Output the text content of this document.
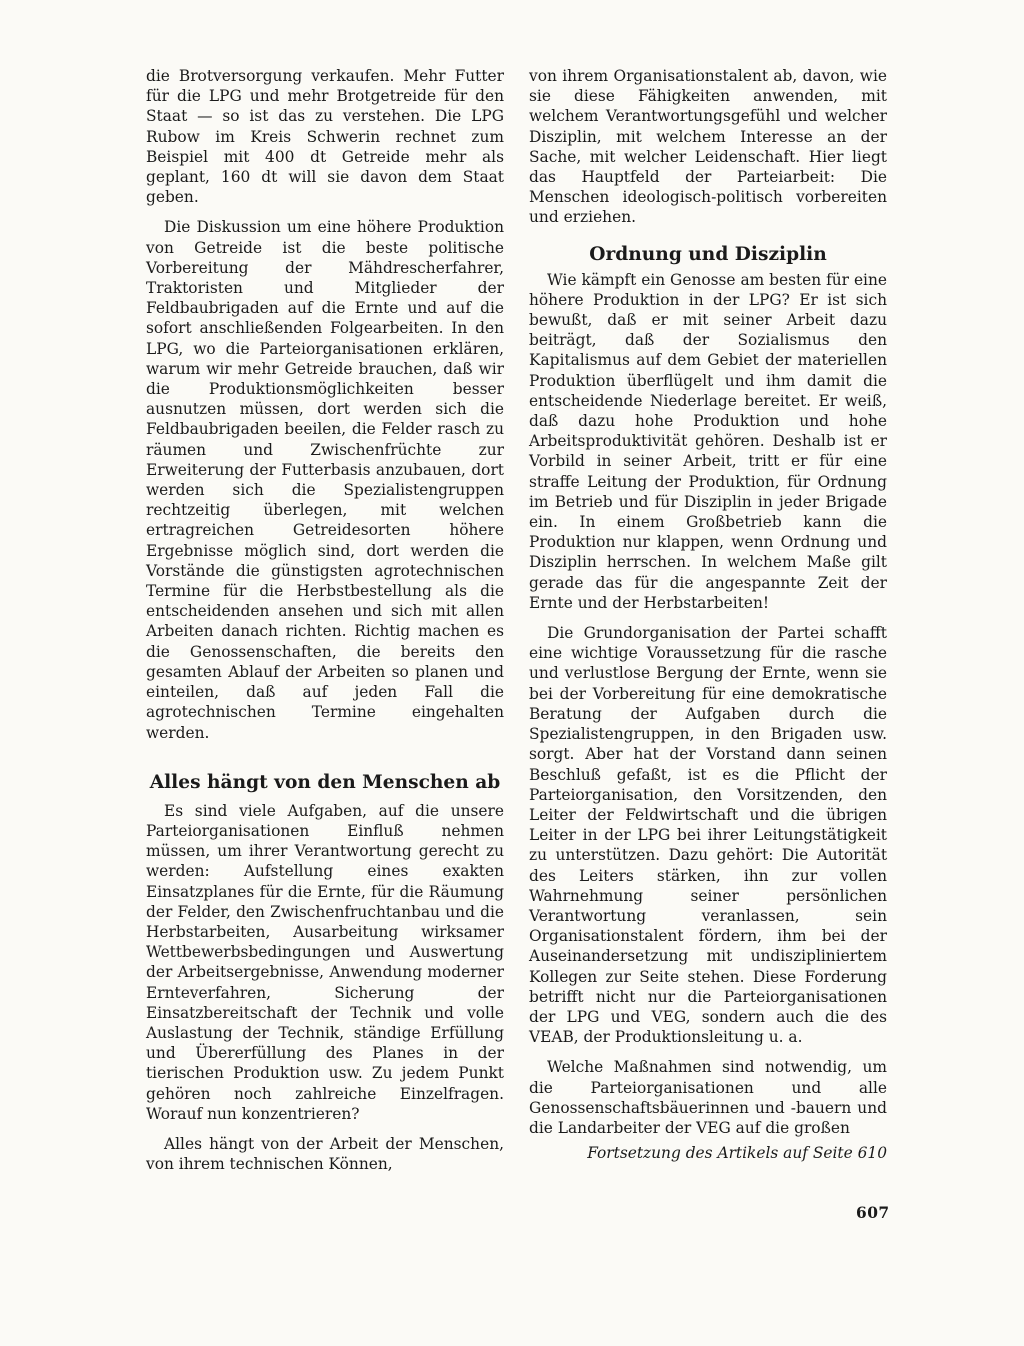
die Brotversorgung verkaufen. Mehr Futter für die LPG und mehr Brotgetreide für den Staat — so ist das zu verstehen. Die LPG Rubow im Kreis Schwerin rechnet zum Beispiel mit 400 dt Getreide mehr als geplant, 160 dt will sie davon dem Staat geben.

Die Diskussion um eine höhere Produktion von Getreide ist die beste politische Vorbereitung der Mähdrescherfahrer, Traktoristen und Mitglieder der Feldbaubrigaden auf die Ernte und auf die sofort anschließenden Folgearbeiten. In den LPG, wo die Parteiorganisationen erklären, warum wir mehr Getreide brauchen, daß wir die Produktionsmöglichkeiten besser ausnutzen müssen, dort werden sich die Feldbaubrigaden beeilen, die Felder rasch zu räumen und Zwischenfrüchte zur Erweiterung der Futterbasis anzubauen, dort werden sich die Spezialistengruppen rechtzeitig überlegen, mit welchen ertragreichen Getreidesorten höhere Ergebnisse möglich sind, dort werden die Vorstände die günstigsten agrotechnischen Termine für die Herbstbestellung als die entscheidenden ansehen und sich mit allen Arbeiten danach richten. Richtig machen es die Genossenschaften, die bereits den gesamten Ablauf der Arbeiten so planen und einteilen, daß auf jeden Fall die agrotechnischen Termine eingehalten werden.

Alles hängt von den Menschen ab

Es sind viele Aufgaben, auf die unsere Parteiorganisationen Einfluß nehmen müssen, um ihrer Verantwortung gerecht zu werden: Aufstellung eines exakten Einsatzplanes für die Ernte, für die Räumung der Felder, den Zwischenfruchtanbau und die Herbstarbeiten, Ausarbeitung wirksamer Wettbewerbsbedingungen und Auswertung der Arbeitsergebnisse, Anwendung moderner Ernteverfahren, Sicherung der Einsatzbereitschaft der Technik und volle Auslastung der Technik, ständige Erfüllung und Übererfüllung des Planes in der tierischen Produktion usw. Zu jedem Punkt gehören noch zahlreiche Einzelfragen. Worauf nun konzentrieren?

Alles hängt von der Arbeit der Menschen, von ihrem technischen Können,

von ihrem Organisationstalent ab, davon, wie sie diese Fähigkeiten anwenden, mit welchem Verantwortungsgefühl und welcher Disziplin, mit welchem Interesse an der Sache, mit welcher Leidenschaft. Hier liegt das Hauptfeld der Parteiarbeit: Die Menschen ideologisch-politisch vorbereiten und erziehen.

Ordnung und Disziplin

Wie kämpft ein Genosse am besten für eine höhere Produktion in der LPG? Er ist sich bewußt, daß er mit seiner Arbeit dazu beiträgt, daß der Sozialismus den Kapitalismus auf dem Gebiet der materiellen Produktion überflügelt und ihm damit die entscheidende Niederlage bereitet. Er weiß, daß dazu hohe Produktion und hohe Arbeitsproduktivität gehören. Deshalb ist er Vorbild in seiner Arbeit, tritt er für eine straffe Leitung der Produktion, für Ordnung im Betrieb und für Disziplin in jeder Brigade ein. In einem Großbetrieb kann die Produktion nur klappen, wenn Ordnung und Disziplin herrschen. In welchem Maße gilt gerade das für die angespannte Zeit der Ernte und der Herbstarbeiten!

Die Grundorganisation der Partei schafft eine wichtige Voraussetzung für die rasche und verlustlose Bergung der Ernte, wenn sie bei der Vorbereitung für eine demokratische Beratung der Aufgaben durch die Spezialistengruppen, in den Brigaden usw. sorgt. Aber hat der Vorstand dann seinen Beschluß gefaßt, ist es die Pflicht der Parteiorganisation, den Vorsitzenden, den Leiter der Feldwirtschaft und die übrigen Leiter in der LPG bei ihrer Leitungstätigkeit zu unterstützen. Dazu gehört: Die Autorität des Leiters stärken, ihn zur vollen Wahrnehmung seiner persönlichen Verantwortung veranlassen, sein Organisationstalent fördern, ihm bei der Auseinandersetzung mit undiszipliniertem Kollegen zur Seite stehen. Diese Forderung betrifft nicht nur die Parteiorganisationen der LPG und VEG, sondern auch die des VEAB, der Produktionsleitung u. a.

Welche Maßnahmen sind notwendig, um die Parteiorganisationen und alle Genossenschaftsbäuerinnen und -bauern und die Landarbeiter der VEG auf die großen

Fortsetzung des Artikels auf Seite 610

607
